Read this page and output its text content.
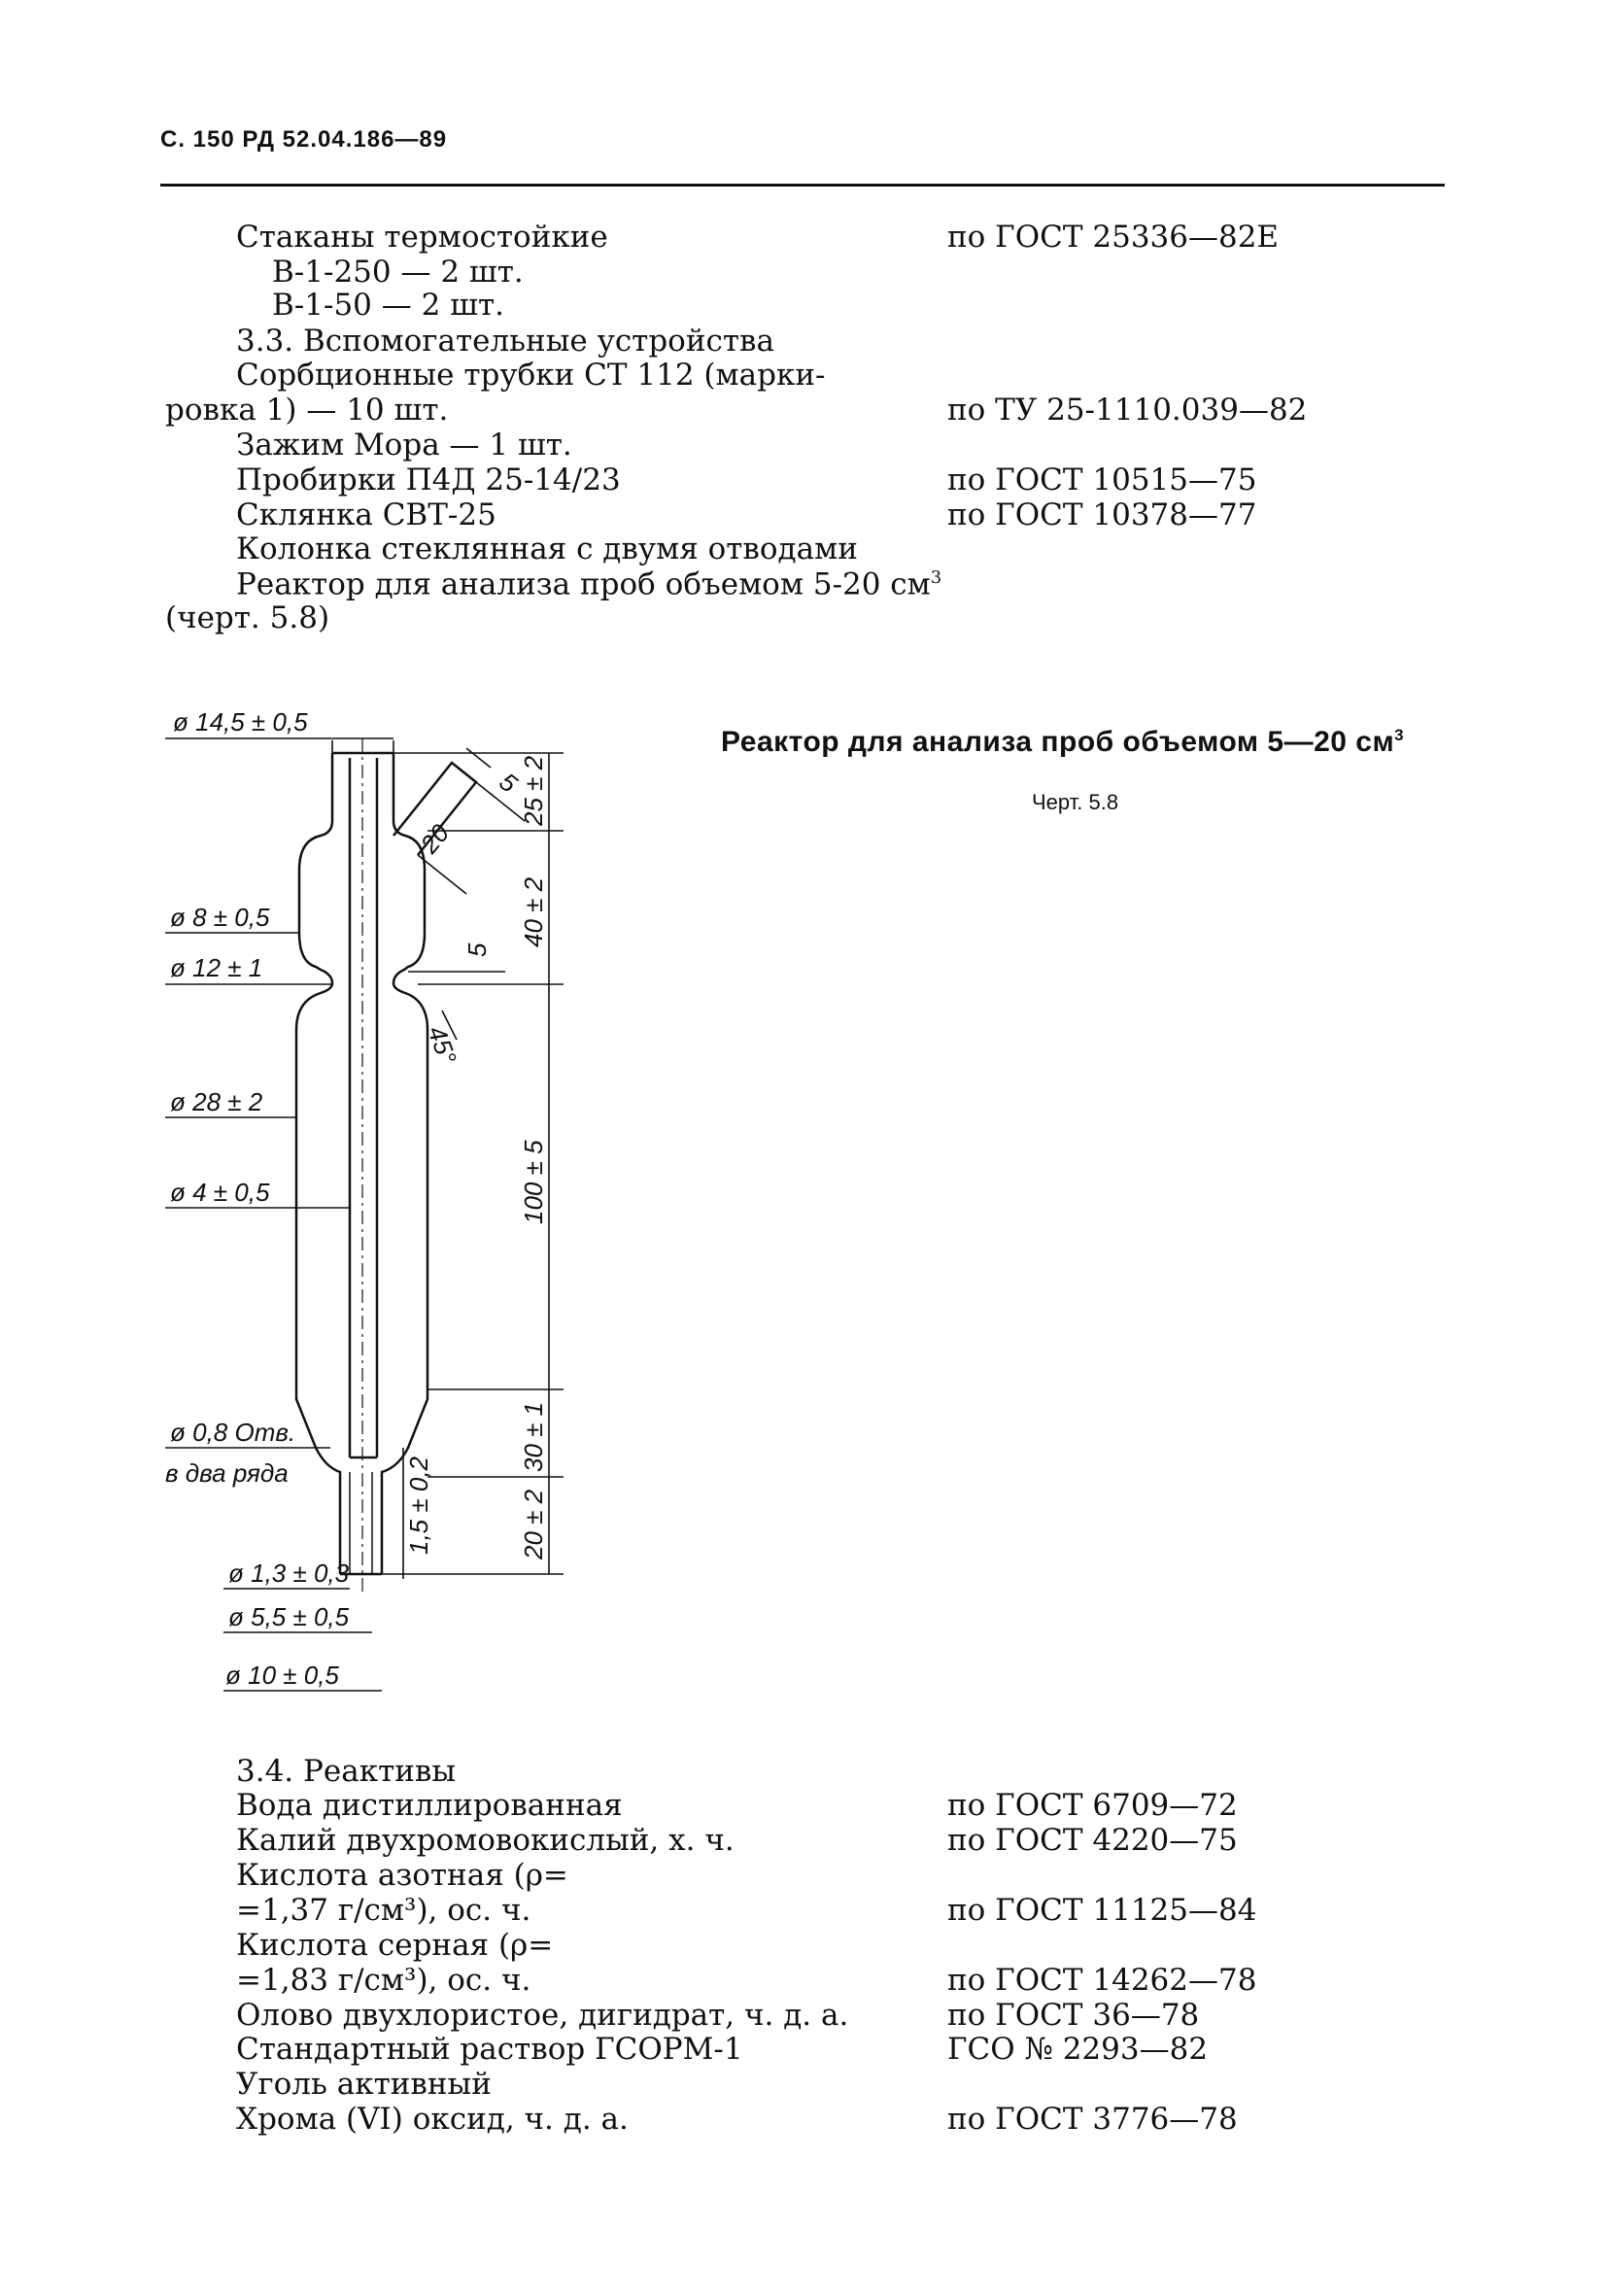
С. 150 РД 52.04.186—89
Стаканы термостойкие
В-1-250 — 2 шт.
В-1-50 — 2 шт.
3.3. Вспомогательные устройства
Сорбционные трубки СТ 112 (марки-
ровка 1) — 10 шт.
Зажим Мора — 1 шт.
Пробирки П4Д 25-14/23
Склянка СВТ-25
Колонка стеклянная с двумя отводами
Реактор для анализа проб объемом 5-20 $см^3$
(черт. 5.8)
по ГОСТ 25336—82Е
по ТУ 25-1110.039—82
по ГОСТ 10515—75
по ГОСТ 10378—77
Реактор для анализа проб объемом 5—20 $см^3$
Черт. 5.8
ø 14,5 ± 0,5
ø 8 ± 0,5
ø 12 ± 1
ø 28 ± 2
ø 4 ± 0,5
ø 0,8 Отв.
в два ряда
ø 1,3 ± 0,3
ø 5,5 ± 0,5
ø 10 ± 0,5
25 ± 2
40 ± 2
100 ± 5
30 ± 1
20 ± 2
1,5 ± 0,2
5
20
5
45°
3.4. Реактивы
Вода дистиллированная
Калий двухромовокислый, х. ч.
Кислота азотная (ρ=
=1,37 г/см³), ос. ч.
Кислота серная (ρ=
=1,83 г/см³), ос. ч.
Олово двухлористое, дигидрат, ч. д. а.
Стандартный раствор ГСОРМ-1
Уголь активный
Хрома (VI) оксид, ч. д. а.
по ГОСТ 6709—72
по ГОСТ 4220—75
по ГОСТ 11125—84
по ГОСТ 14262—78
по ГОСТ 36—78
ГСО № 2293—82
по ГОСТ 3776—78
